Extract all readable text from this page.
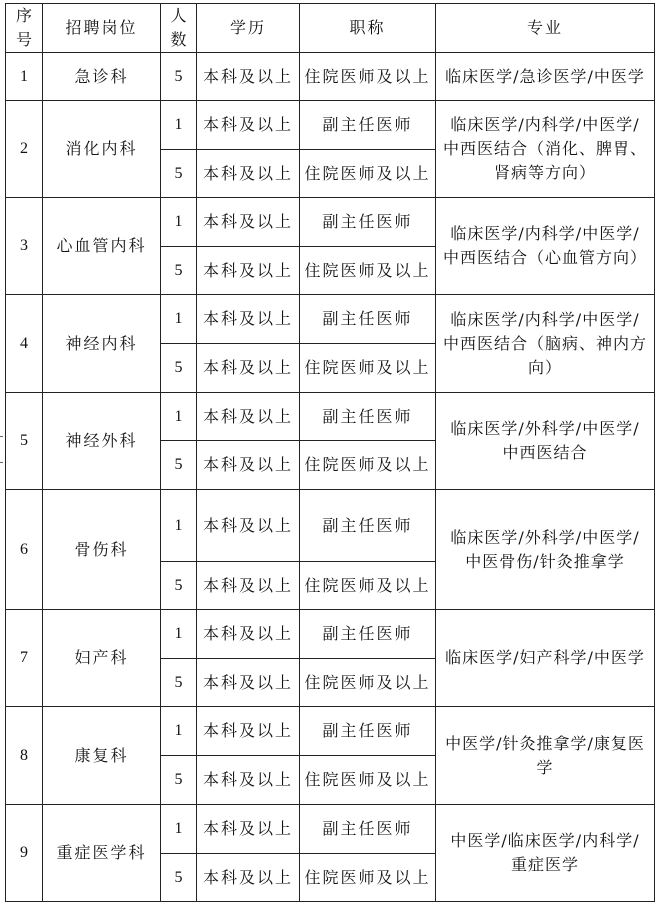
序号	招聘岗位	人数	学历	职称	专业
1	急诊科	5	本科及以上	住院医师及以上	临床医学/急诊医学/中医学
2	消化内科	1	本科及以上	副主任医师	临床医学/内科学/中医学/中西医结合（消化、脾胃、肾病等方向）
		5	本科及以上	住院医师及以上	
3	心血管内科	1	本科及以上	副主任医师	临床医学/内科学/中医学/中西医结合（心血管方向）
		5	本科及以上	住院医师及以上	
4	神经内科	1	本科及以上	副主任医师	临床医学/内科学/中医学/中西医结合（脑病、神内方向）
		5	本科及以上	住院医师及以上	
5	神经外科	1	本科及以上	副主任医师	临床医学/外科学/中医学/中西医结合
		5	本科及以上	住院医师及以上	
6	骨伤科	1	本科及以上	副主任医师	临床医学/外科学/中医学/中医骨伤/针灸推拿学
		5	本科及以上	住院医师及以上	
7	妇产科	1	本科及以上	副主任医师	临床医学/妇产科学/中医学
		5	本科及以上	住院医师及以上	
8	康复科	1	本科及以上	副主任医师	中医学/针灸推拿学/康复医学
		5	本科及以上	住院医师及以上	
9	重症医学科	1	本科及以上	副主任医师	中医学/临床医学/内科学/重症医学
		5	本科及以上	住院医师及以上	
